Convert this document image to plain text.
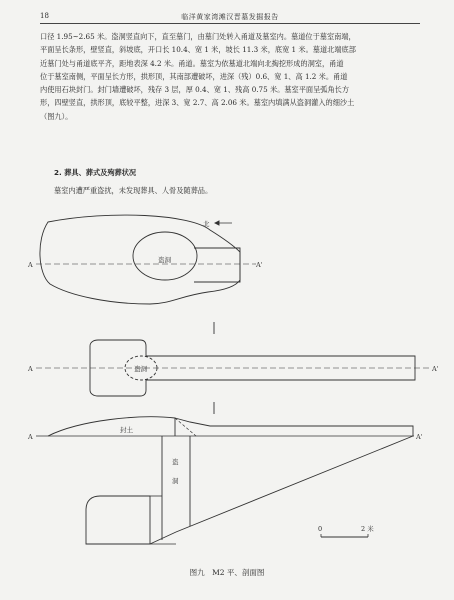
18	临洋黄家湾滩汉晋墓发掘报告

口径 1.95~2.65 米。盗洞竖直向下，直至墓门，由墓门处转入甬道及墓室内。墓道位于墓室南端，

平面呈长条形，壁竖直，斜坡底，开口长 10.4、宽 1 米，坡长 11.3 米，底宽 1 米。墓道北端底部

近墓门处与甬道底平齐，距地表深 4.2 米。甬道。墓室为依墓道北端向北掏挖形成的洞室，甬道

位于墓室南侧，平面呈长方形，拱形顶，其南部遭破坏，进深（残）0.6、宽 1、高 1.2 米。甬道

内使用石块封门。封门墙遭破坏，残存 3 层，厚 0.4、宽 1、残高 0.75 米。墓室平面呈弧角长方

形，四壁竖直，拱形顶，底较平整，进深 3、宽 2.7、高 2.06 米。墓室内填满从盗洞灌入的细沙土

（图九）。

2. 葬具、葬式及殉葬状况
墓室内遭严重盗扰，未发现葬具、人骨及随葬品。
北
A	A'
盗洞
A	A'
盗洞
A	A'
封土
盗
洞
0	2 米
图九　M2 平、剖面图
